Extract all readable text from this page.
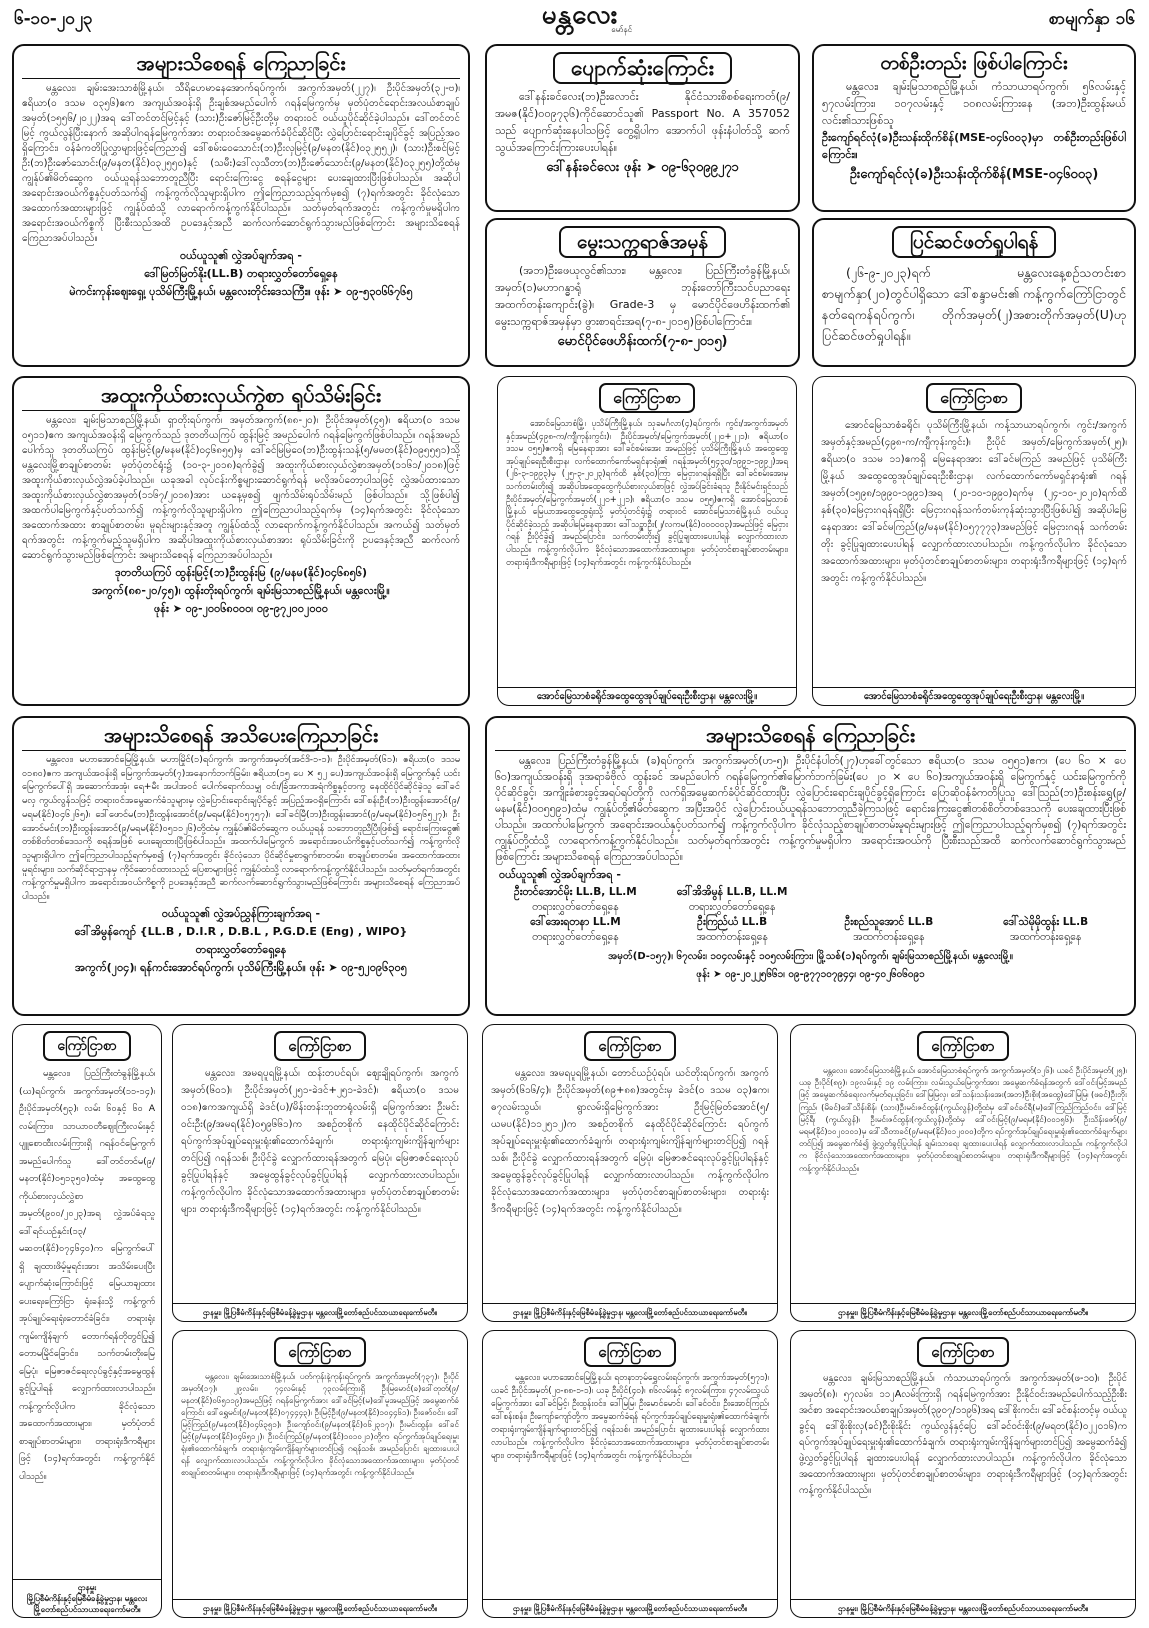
၆-၁၀-၂၀၂၃	မန္တလေး
မော်နင်
စာမျက်နှာ ၁၆
အများသိစေရန် ကြေညာခြင်း
မန္တလေး၊ ချမ်းအေးသာစံမြို့နယ်၊ သီရိဟေမာနေအောက်ရပ်ကွက်၊ အကွက်အမှတ်(၂၂၇)၊ ဦးပိုင်အမှတ်(၃၂-ဗ)၊ ဧရိယာ(၀ ဒသမ ၀၃၅၆)ဧက အကျယ်အဝန်းရှိ ဦးချစ်အမည်ပေါက် ဂရန်မြေကွက်မှ မှတ်ပုံတင်ရောင်းအလယ်စာချုပ်အမှတ်(၁၅၅၆/၂၀၂၂)အရ ဒေါ်တင်တင်မြင့်နှင့် (သား)ဦးဇော်မြင့်ဦးတို့မှ တရားဝင် ဝယ်ယူပိုင်ဆိုင်ခဲ့ပါသည်။ ဒေါ်တင်တင်မြင့် ကွယ်လွန်ပြီးနောက် အဆိုပါဂရန်မြေကွက်အား တရားဝင်အမွေဆက်ခံပိုင်ဆိုင်ပြီး လွှဲပြောင်းရောင်းချပိုင်ခွင့် အပြည့်အဝရှိကြောင်း၊ ဝန်ခံကတိပြုလွှာများဖြင့်ကြေညာ၍ ဒေါ်စမ်းဝေသောင်း(ဘ)ဦးလှမြင့်(၉/မနတ(နိုင်)၀၃၂၅၅၂)၊ (သား)ဦးစင်မြင့်ဦး(ဘ)ဦးဇော်သောင်း(၉/မနတ(နိုင်)၀၃၂၅၅၀)နှင့် (သမီး)ဒေါ်လှသီတာ(ဘ)ဦးဇော်သောင်း(၉/မနတ(နိုင်)၀၃၂၅၅)တို့ထံမှ ကျွန်ုပ်၏မိတ်ဆွေက ဝယ်ယူရန်သဘောတူညီပြီး ရောင်းကြေးငွေ စရန်ငွေများ ပေးချေထားပြီးဖြစ်ပါသည်။ အဆိုပါအရောင်းအဝယ်ကိစ္စနှင့်ပတ်သက်၍ ကန့်ကွက်လိုသူများရှိပါက ဤကြေညာသည့်ရက်မှစ၍ (၇)ရက်အတွင်း ခိုင်လုံသောအထောက်အထားများဖြင့် ကျွန်ုပ်ထံသို့ လာရောက်ကန့်ကွက်နိုင်ပါသည်။ သတ်မှတ်ရက်အတွင်း ကန့်ကွက်မှုမရှိပါက အရောင်းအဝယ်ကိစ္စကို ပြီးစီးသည်အထိ ဥပဒေနှင့်အညီ ဆက်လက်ဆောင်ရွက်သွားမည်ဖြစ်ကြောင်း အများသိစေရန် ကြေညာအပ်ပါသည်။
ဝယ်ယူသူ၏ လွှဲအပ်ချက်အရ -
ဒေါ်မြတ်မြတ်နိုး(LL.B) တရားလွှတ်တော်ရှေ့နေ
မဲကင်းကုန်းဈေးရှေ့၊ ပုသိမ်ကြီးမြို့နယ်၊ မန္တလေးတိုင်းဒေသကြီး။ ဖုန်း ➤ ၀၉-၅၃၀၆၆၇၆၅
ပျောက်ဆုံးကြောင်း
ဒေါ်နန်းခင်လေး(ဘ)ဦးလောင်း နိုင်ငံသားစိစစ်ရေးကတ်(၉/အမဇ(နိုင်)၀၀၉၇၃၆)ကိုင်ဆောင်သူ၏ Passport No. A 357052 သည် ပျောက်ဆုံးနေပါသဖြင့် တွေ့ရှိပါက အောက်ပါ ဖုန်းနံပါတ်သို့ ဆက်သွယ်အကြောင်းကြားပေးပါရန်။
ဒေါ်နန်းခင်လေး ဖုန်း ➤ ၀၉-၆၃၀၉၉၂၇၁
တစ်ဦးတည်း ဖြစ်ပါကြောင်း
မန္တလေး၊ ချမ်းမြသာစည်မြို့နယ်၊ ကံသာယာရပ်ကွက်၊ ၅၆လမ်းနှင့် ၅၇လမ်းကြား၊ ၁၀၇လမ်းနှင့် ၁၀၈လမ်းကြားနေ (အဘ)ဦးထွန်းမယ်လင်း၏သားဖြစ်သူ
ဦးကျော်ရင်လုံ(ခ)ဦးသန်းထိုက်စိန်(MSE-၀၄၆၀၀၃)မှာ တစ်ဦးတည်းဖြစ်ပါကြောင်း။
ဦးကျော်ရင်လုံ(ခ)ဦးသန်းထိုက်စိန်(MSE-၀၄၆၀၀၃)
မွေးသက္ကရာဇ်အမှန်
(အဘ)ဦးဖေယုလွင်၏သား၊ မန္တလေး၊ ပြည်ကြီးတံခွန်မြို့နယ်၊ အမှတ်(၁)မဟာဂန္ဓာရုံ ဘုန်းတော်ကြီးသင်ပညာရေး အထက်တန်းကျောင်း(ခွဲ)၊ Grade-3 မှ မောင်ပိုင်ဖေဟိန်းထက်၏ မွေးသက္ကရာဇ်အမှန်မှာ ဖွားစာရင်းအရ(၇-၈-၂၀၁၅)ဖြစ်ပါကြောင်း။
မောင်ပိုင်ဖေဟိန်းထက်(၇-၈-၂၀၁၅)
ပြင်ဆင်ဖတ်ရှုပါရန်
(၂၆-၉-၂၀၂၃)ရက် မန္တလေးနေ့စဉ်သတင်းစာ စာမျက်နှာ(၂၀)တွင်ပါရှိသော ဒေါ်စန္ဒာမင်း၏ ကန့်ကွက်ကြော်ငြာတွင် နတ်ရေကန်ရပ်ကွက်၊ တိုက်အမှတ်(၂)အစားတိုက်အမှတ်(U)ဟု ပြင်ဆင်ဖတ်ရှုပါရန်။
အထူးကိုယ်စားလှယ်ကွဲစာ ရုပ်သိမ်းခြင်း
မန္တလေး၊ ချမ်းမြသာစည်မြို့နယ်၊ ရှာတိုးရပ်ကွက်၊ အမှတ်အကွက်(၈၈-၂၀)၊ ဦးပိုင်အမှတ်(၄၅)၊ ဧရိယာ(၀ ဒသမ ၀၅၁၁)ဧက အကျယ်အဝန်းရှိ မြေကွက်သည် ဒုတတိယကြပ် ထွန်းမြင့် အမည်ပေါက် ဂရန်မြေကွက်ဖြစ်ပါသည်။ ဂရန်အမည်ပေါက်သူ ဒုတတိယကြပ် ထွန်းမြင့်(၉/မနမ(နိုင်)၀၄၆၈၅၅)မှ ဒေါ်ခင်မြမြဝေ(ဘ)ဦးထွန်းသန့်(၅/မမတ(နိုင်)၀၉၅၅၅၁)သို့ မန္တလေးမြို့စာချုပ်စာတမ်း မှတ်ပုံတင်ရုံး၌ (၁၀-၃-၂၀၁၈)ရက်ခွဲ၍ အထူးကိုယ်စားလှယ်လွှဲစာအမှတ်(၁၁၆၁/၂၀၁၈)ဖြင့် အထူးကိုယ်စားလှယ်လွှဲအပ်ခဲ့ပါသည်။ ယခုအခါ လုပ်ငန်းကိစ္စများဆောင်ရွက်ရန် မလိုအပ်တော့ပါသဖြင့် လွှဲအပ်ထားသော အထူးကိုယ်စားလှယ်လွှဲစာအမှတ်(၁၁၆၇/၂၀၁၈)အား ယနေ့မှစ၍ ဖျက်သိမ်းရုပ်သိမ်းမည် ဖြစ်ပါသည်။ သို့ဖြစ်ပါ၍ အထက်ပါမြေကွက်နှင့်ပတ်သက်၍ ကန့်ကွက်လိုသူများရှိပါက ဤကြေညာပါသည့်ရက်မှ (၁၄)ရက်အတွင်း ခိုင်လုံသောအထောက်အထား စာချုပ်စာတမ်း၊ မူရင်းများနှင့်အတူ ကျွန်ုပ်ထံသို့ လာရောက်ကန့်ကွက်နိုင်ပါသည်။ အကယ်၍ သတ်မှတ်ရက်အတွင်း ကန့်ကွက်မည့်သူမရှိပါက အဆိုပါအထူးကိုယ်စားလှယ်စာအား ရုပ်သိမ်းခြင်းကို ဥပဒေနှင့်အညီ ဆက်လက်ဆောင်ရွက်သွားမည်ဖြစ်ကြောင်း အများသိစေရန် ကြေညာအပ်ပါသည်။
ဒုတတိယကြပ် ထွန်းမြင့်(ဘ)ဦးထွန်းမြ (၉/မနမ(နိုင်)၀၄၆၈၅၆)
အကွက်(၈၈-၂၀/၄၅)၊ ထွန်းတိုးရပ်ကွက်၊ ချမ်းမြသာစည်မြို့နယ်၊ မန္တလေးမြို့။
ဖုန်း ➤ ၀၉-၂၀၀၆၈၀၀၀၊ ၀၉-၉၇၂၀၀၂၀၀၀
ကြော်ငြာစာ
အောင်မြေသာစံမြို့၊ ပုသိမ်ကြီးမြို့နယ်၊ သုခမင်္ဂလာ(၄)ရပ်ကွက်၊ ကွင်း/အကွက်အမှတ်နှင့်အမည်(၄၉၈-က/ကျီကုန်းကွင်း)၊ ဦးပိုင်အမှတ်/မြေကွက်အမှတ်(၂၂၀+၂၂၁)၊ ဧရိယာ(၀ ဒသမ ၀၅၅)ဧကရှိ မြေနေရာအား ဒေါ်ခင်စမ်းအေး အမည်ဖြင့် ပုသိမ်ကြီးမြို့နယ် အထွေထွေအုပ်ချုပ်ရေးဦးစီးဌာန၊ လက်ထောက်ကော်မရှင်နာရုံး၏ ဂရန်အမှတ်(၅၄၃၀/၁၉၉၁-၁၉၉၂)အရ (၂၆-၃-၁၉၉၃)မှ (၂၅-၃-၂၀၂၃)ရက်ထိ နှစ်(၃၀)ကြာ မြေငှားဂရန်ရရှိပြီး ဒေါ်ခင်စမ်းအေးမှ သက်တမ်းတိုး၍ အဆိုပါအထွေထွေကိုယ်စားလှယ်စာဖြင့် လွှဲအပ်ခြင်းခံရသူ ဦးနိုင်မင်းရှင်သည် ဦးပိုင်အမှတ်/မြေကွက်အမှတ်(၂၂၀+၂၂၁)၊ ဧရိယာ(၀ ဒသမ ၀၅၅)ဧကရှိ အောင်မြေသာစံမြို့နယ် မြေယာအထွေထွေရုံးသို့ မှတ်ပုံတင်ရုံး၌ တရားဝင် အောင်မြေသာစံမြို့နယ် ဝယ်ယူပိုင်ဆိုင်ခဲ့သည့် အဆိုပါမြေနေရာအား ဒေါ်သဥ္ဇာဦး(၂/လကမ(နိုင်)၀၀၀၀၀၃)အမည်ဖြင့် မြေငှားဂရန် ဦးပိုင်ခွဲ၍ အမည်ပြောင်း၊ သက်တမ်းတိုး၍ ခွင့်ပြုချထားပေးပါရန် လျှောက်ထားလာပါသည်။ ကန့်ကွက်လိုပါက ခိုင်လုံသောအထောက်အထားများ၊ မှတ်ပုံတင်စာချုပ်စာတမ်းများ၊ တရားရုံးဒီကရီများဖြင့် (၁၄)ရက်အတွင်း ကန့်ကွက်နိုင်ပါသည်။
အောင်မြေသာစံခရိုင်အထွေထွေအုပ်ချုပ်ရေးဦးစီးဌာန၊ မန္တလေးမြို့။
ကြော်ငြာစာ
အောင်မြေသာစံခရိုင်၊ ပုသိမ်ကြီးမြို့နယ်၊ ကန့်သာယာရပ်ကွက်၊ ကွင်း/အကွက်အမှတ်နှင့်အမည်(၄၉၈-က/ကျီကုန်းကွင်း)၊ ဦးပိုင် အမှတ်/မြေကွက်အမှတ်(၂၅)၊ ဧရိယာ(၀ ဒသမ ၁၁)ဧကရှိ မြေနေရာအား ဒေါ်ခင်မကြည် အမည်ဖြင့် ပုသိမ်ကြီးမြို့နယ် အထွေထွေအုပ်ချုပ်ရေးဦးစီးဌာန၊ လက်ထောက်ကော်မရှင်နာရုံး၏ ဂရန်အမှတ်(၁၅၉၈/၁၉၉၀-၁၉၉၁)အရ (၂၀-၁၀-၁၉၉၀)ရက်မှ (၂၄-၁၀-၂၀၂၀)ရက်ထိ နှစ်(၃၀)မြေငှားဂရန်ရရှိပြီး မြေငှားဂရန်သက်တမ်းကုန်ဆုံးသွားပြီးဖြစ်ပါ၍ အဆိုပါမြေနေရာအား ဒေါ်ခင်မကြည်(၉/မနမ(နိုင်)၀၅၇၇၇၃)အမည်ဖြင့် မြေငှားဂရန် သက်တမ်းတိုး ခွင့်ပြုချထားပေးပါရန် လျှောက်ထားလာပါသည်။ ကန့်ကွက်လိုပါက ခိုင်လုံသောအထောက်အထားများ၊ မှတ်ပုံတင်စာချုပ်စာတမ်းများ၊ တရားရုံးဒီကရီများဖြင့် (၁၄)ရက်အတွင်း ကန့်ကွက်နိုင်ပါသည်။
အောင်မြေသာစံခရိုင်အထွေထွေအုပ်ချုပ်ရေးဦးစီးဌာန၊ မန္တလေးမြို့။
အများသိစေရန် အသိပေးကြေညာခြင်း
မန္တလေး၊ မဟာအောင်မြေမြို့နယ်၊ မဟာမြိုင်(၁)ရပ်ကွက်၊ အကွက်အမှတ်(အင်ဒိ-၁-၁)၊ ဦးပိုင်အမှတ်(၆၁)၊ ဧရိယာ(၀ ဒသမ ၀၁၈၀)ဧက အကျယ်အဝန်းရှိ မြေကွက်အမှတ်(၇)အနောက်ဘက်ခြမ်း၊ ဧရိယာ(၁၅ ပေ × ၅၂ ပေ)အကျယ်အဝန်းရှိ မြေကွက်နှင့် ယင်းမြေကွက်ပေါ်ရှိ အဆောက်အအုံ၊ ရေ+မီး အပါအဝင် ပေါက်ရောက်သမျှ ဝင်း/ခြံအကာအရံကိစ္စနှင့်တကွ နေထိုင်ပိုင်ဆိုင်ခဲ့သူ ဒေါ်ခင်မလှ ကွယ်လွန်သဖြင့် တရားဝင်အမွေဆက်ခံသူများမှ လွှဲပြောင်းရောင်းချပိုင်ခွင့် အပြည့်အဝရှိကြောင်း ဒေါ်စန်းဦး(ဘ)ဦးထွန်းအောင်(၉/မရမ(နိုင်)၀၄၆၂၆၅)၊ ဒေါ်ဖောင်မ(ဘ)ဦးထွန်းအောင်(၉/မရမ(နိုင်)၀၅၇၅၇)၊ ဒေါ်ခင်မြီ(ဘ)ဦးထွန်းအောင်(၉/မရမ(နိုင်)၀၅၆၅၂၇)၊ ဦးအောင်မင်း(ဘ)ဦးထွန်းအောင်(၉/မရမ(နိုင်)၀၅၁၁၂၆)တို့ထံမှ ကျွန်ုပ်၏မိတ်ဆွေက ဝယ်ယူရန် သဘောတူညီပြီးဖြစ်၍ ရောင်းကြေးငွေ၏ တစ်စိတ်တစ်ဒေသကို စရန်အဖြစ် ပေးချေထားပြီးဖြစ်ပါသည်။ အထက်ပါမြေကွက် အရောင်းအဝယ်ကိစ္စနှင့်ပတ်သက်၍ ကန့်ကွက်လိုသူများရှိပါက ဤကြေညာပါသည့်ရက်မှစ၍ (၇)ရက်အတွင်း ခိုင်လုံသော ပိုင်ဆိုင်မှုစာရွက်စာတမ်း၊ စာချုပ်စာတမ်း၊ အထောက်အထားမူရင်းများ၊ သက်ဆိုင်ရာဌာနမှ ကိုင်ဆောင်ထားသည့် ပြေစာများဖြင့် ကျွန်ုပ်ထံသို့ လာရောက်ကန့်ကွက်နိုင်ပါသည်။ သတ်မှတ်ရက်အတွင်း ကန့်ကွက်မှုမရှိပါက အရောင်းအဝယ်ကိစ္စကို ဥပဒေနှင့်အညီ ဆက်လက်ဆောင်ရွက်သွားမည်ဖြစ်ကြောင်း အများသိစေရန် ကြေညာအပ်ပါသည်။
ဝယ်ယူသူ၏ လွှဲအပ်ညွှန်ကြားချက်အရ -
ဒေါ်အိမွန်ကျော် {LL.B , D.I.R , D.B.L , P.G.D.E (Eng) , WIPO}
တရားလွှတ်တော်ရှေ့နေ
အကွက်(၂၀၄)၊ ရန်ကင်းအောင်ရပ်ကွက်၊ ပုသိမ်ကြီးမြို့နယ်။ ဖုန်း ➤ ၀၉-၅၂၀၉၆၃၀၅
အများသိစေရန် ကြေညာခြင်း
မန္တလေး၊ ပြည်ကြီးတံခွန်မြို့နယ်၊ (ခ)ရပ်ကွက်၊ အကွက်အမှတ်(ဟ-၅)၊ ဦးပိုင်နံပါတ်(၂၇)ဟုခေါ်တွင်သော ဧရိယာ(၀ ဒသမ ၀၅၅၁)ဧက၊ (ပေ ၆၀ × ပေ ၆၀)အကျယ်အဝန်းရှိ ဒုအရာခံဗိုလ် ထွန်းခင် အမည်ပေါက် ဂရန်မြေကွက်၏မြောက်ဘက်ခြမ်း(ပေ ၂၀ × ပေ ၆၀)အကျယ်အဝန်းရှိ မြေကွက်နှင့် ယင်းမြေကွက်ကိုပိုင်ဆိုင်ခွင့်၊ အကျိုးခံစားခွင့်အရပ်ရပ်တို့ကို လက်ရှိအမွေဆက်ခံပိုင်ဆိုင်ထားပြီး လွှဲပြောင်းရောင်းချပိုင်ခွင့်ရှိကြောင်း ပြောဆိုဝန်ခံကတိပြုသူ ဒေါ်သြည်(ဘ)ဦးစန်းရွှေ(၉/မနမ(နိုင်)၀၀၅၅၉၁)ထံမှ ကျွန်ုပ်တို့၏မိတ်ဆွေက အပြီးအပိုင် လွှဲပြောင်းဝယ်ယူရန်သဘောတူညီခဲ့ကြသဖြင့် ရောင်းကြေးငွေ၏တစ်စိတ်တစ်ဒေသကို ပေးချေထားပြီးဖြစ်ပါသည်။ အထက်ပါမြေကွက် အရောင်းအဝယ်နှင့်ပတ်သက်၍ ကန့်ကွက်လိုပါက ခိုင်လုံသည့်စာချုပ်စာတမ်းမူရင်းများဖြင့် ဤကြေညာပါသည့်ရက်မှစ၍ (၇)ရက်အတွင်း ကျွန်ုပ်တို့ထံသို့ လာရောက်ကန့်ကွက်နိုင်ပါသည်။ သတ်မှတ်ရက်အတွင်း ကန့်ကွက်မှုမရှိပါက အရောင်းအဝယ်ကို ပြီးစီးသည်အထိ ဆက်လက်ဆောင်ရွက်သွားမည်ဖြစ်ကြောင်း အများသိစေရန် ကြေညာအပ်ပါသည်။
ဝယ်ယူသူ၏ လွှဲအပ်ချက်အရ -
ဦးတင်အောင်မိုး LL.B, LL.M
တရားလွှတ်တော်ရှေ့နေ
ဒေါ်အိအိမွန် LL.B, LL.M
တရားလွှတ်တော်ရှေ့နေ
ဒေါ်အေးရတနာ LL.M
တရားလွှတ်တော်ရှေ့နေ
ဦးကြည်ယံ LL.B
အထက်တန်းရှေ့နေ
ဦးစည်သူအောင် LL.B
အထက်တန်းရှေ့နေ
ဒေါ်သဲမိုမိုထွန်း LL.B
အထက်တန်းရှေ့နေ
အမှတ်(D-၁၅၇)၊ ၆၇လမ်း၊ ၁၀၄လမ်းနှင့် ၁၀၅လမ်းကြား၊ မြို့သစ်(၁)ရပ်ကွက်၊ ချမ်းမြသာစည်မြို့နယ်၊ မန္တလေးမြို့။
ဖုန်း ➤ ၀၉-၂၀၂၂၅၆၆၁၊ ၀၉-၉၇၇၁၀၇၉၄၄၊ ၀၉-၄၀၂၆၀၆၀၉၁
ကြော်ငြာစာ
မန္တလေး၊ ပြည်ကြီးတံခွန်မြို့နယ်၊ (ဃ)ရပ်ကွက်၊ အကွက်အမှတ်(၁၁-၁၄)၊ ဦးပိုင်အမှတ်(၅၃)၊ လမ်း ၆၀နှင့် ၆၀ A လမ်းကြား၊ သာယာဝတီဈေးကြီးလမ်းနှင့် ပျူစောထီးလမ်းကြားရှိ ဂရန်ဝင်မြေကွက်အမည်ပေါက်သူ ဒေါ်တင်တင်မ(၉/မနတ(နိုင်)၀၅၁၃၅၀)ထံမှ အထွေထွေကိုယ်စားလှယ်လွှဲစာအမှတ်(၉၀၀/၂၀၂၃)အရ လွှဲအပ်ခံရသူ ဒေါ်ရင်ယဉ်နှင်း(၁၃/မဆတ(နိုင်)၀၇၄၆၄၀)က မြေကွက်ပေါ်ရှိ ချထားဖိမ့်မူရင်းအား အသိမ်းပေးပြီး ပျောက်ဆုံးကြောင်းဖြင့် မြေယာချထားပေးရေးကြော်ငြာ ရုံးခန်းသို့ ကန့်ကွက်အုပ်ချုပ်ရေးရုံးတောင်ခံခြင်း၊ တရားရုံးကျမ်းကျိန်ချက် တောက်ရန်တိုတွင်ပြု၍ တောမမြိုင်ခြောင်း၊ သက်တမ်းတိုးမြေ မြေပုံ၊ မြေဇာဇင်ရေးလုပ်ခွင့်နှင့်အမွေထွန်ခွင့်ပြုပါရန် လျှောက်ထားလာပါသည်။ ကန့်ကွက်လိုပါက ခိုင်လုံသောအထောက်အထားများ၊ မှတ်ပုံတင်စာချုပ်စာတမ်းများ၊ တရားရုံးဒီကရီများဖြင့် (၁၄)ရက်အတွင်း ကန့်ကွက်နိုင်ပါသည်။
ဌာနမှူး
မြို့ပြစီမံကိန်းနှင့်မြေစီမံခန့်ခွဲမှုဌာန၊ မန္တလေးမြို့တော်စည်ပင်သာယာရေးကော်မတီ။
ကြော်ငြာစာ
မန္တလေး၊ အမရပူရမြို့နယ်၊ ထန်းတပင်ရပ်၊ ဈေးချိုရပ်ကွက်၊ အကွက်အမှတ်(၆၀၁)၊ ဦးပိုင်အမှတ်(၂၅၁-ခဲဒင်+၂၅၁-ခဲဒင်)၊ ဧရိယာ(၀ ဒသမ ၀၁၈)ဧကအကျယ်ရှိ ခဲဒင်(ပ)/မိန်းတန်းဘူတာရုံလမ်းရှိ မြေကွက်အား ဦးမင်းဝင်းဦး(၉/အမရ(နိုင်)၀၅၉၆၆၁)က အစဉ်တစိုက် နေထိုင်ပိုင်ဆိုင်ကြောင်း ရပ်ကွက်အုပ်ချုပ်ရေးမှူးရုံး၏ထောက်ခံချက်၊ တရားရုံးကျမ်းကျိန်ချက်များတင်ပြ၍ ဂရန်သစ်၊ ဦးပိုင်ခွဲ လျှောက်ထားရန်အတွက် မြေပုံ၊ မြေဇာဇင်ရေးလုပ်ခွင့်ပြုပါရန်နှင့် အမွေထွန်ခွင့်လုပ်ခွင့်ပြုပါရန် လျှောက်ထားလာပါသည်။ ကန့်ကွက်လိုပါက ခိုင်လုံသောအထောက်အထားများ၊ မှတ်ပုံတင်စာချုပ်စာတမ်းများ၊ တရားရုံးဒီကရီများဖြင့် (၁၄)ရက်အတွင်း ကန့်ကွက်နိုင်ပါသည်။
ဌာနမှူး၊ မြို့ပြစီမံကိန်းနှင့်မြေစီမံခန့်ခွဲမှုဌာန၊ မန္တလေးမြို့တော်စည်ပင်သာယာရေးကော်မတီ။
ကြော်ငြာစာ
မန္တလေး၊ အမရပူရမြို့နယ်၊ တောင်ယဉ်ပုံရပ်၊ ယင်တိုးရပ်ကွက်၊ အကွက်အမှတ်(၆၁၆/၄)၊ ဦးပိုင်အမှတ်(၈၉+၈၈)အတွင်းမှ ခဲဒင်(၀ ဒသမ ၀၃)ဧက၊ ဓ၇လမ်းသွယ်၊ ရွာလမ်းရှိမြေကွက်အား ဦးမြင့်မြတ်အောင်(၅/ယမပ(နိုင်)၁၁၂၅၁၂)က အစဉ်တစိုက် နေထိုင်ပိုင်ဆိုင်ကြောင်း ရပ်ကွက်အုပ်ချုပ်ရေးမှူးရုံး၏ထောက်ခံချက်၊ တရားရုံးကျမ်းကျိန်ချက်များတင်ပြ၍ ဂရန်သစ်၊ ဦးပိုင်ခွဲ လျှောက်ထားရန်အတွက် မြေပုံ၊ မြေဇာဇင်ရေးလုပ်ခွင့်ပြုပါရန်နှင့် အမွေထွန်ခွင့်လုပ်ခွင့်ပြုပါရန် လျှောက်ထားလာပါသည်။ ကန့်ကွက်လိုပါက ခိုင်လုံသောအထောက်အထားများ၊ မှတ်ပုံတင်စာချုပ်စာတမ်းများ၊ တရားရုံးဒီကရီများဖြင့် (၁၄)ရက်အတွင်း ကန့်ကွက်နိုင်ပါသည်။
ဌာနမှူး၊ မြို့ပြစီမံကိန်းနှင့်မြေစီမံခန့်ခွဲမှုဌာန၊ မန္တလေးမြို့တော်စည်ပင်သာယာရေးကော်မတီ။
ကြော်ငြာစာ
မန္တလေး၊ အောင်မြေသာစံမြို့နယ်၊ အောင်မြေသာစံရပ်ကွက်၊ အကွက်အမှတ်(၁၂၆)၊ ယခင် ဦးပိုင်အမှတ်(၂၅)၊ ယခု ဦးပိုင်(၈၉)၊ ၁၉လမ်းနှင့် ၁၉ လမ်းကြား၊ လမ်းသွယ်မြေကွက်အား အမွေဆက်ခံရန်အတွက် ဒေါ်ဝင်းမြင့်အမည်ဖြင့် အမွေဆက်ခံရေးလက်မှတ်ရယူခြင်း၊ ဒေါ်မြမြလှ၊ ဒေါ်သန်းသန်းအေး(အဘ)ဦးစိုး(အထွေ)ဒေါ်မြမြ၊ (ဖခင်)ဦးဘိုးကြည်၊ (မိခင်)ဒေါ်သိန်းစိန်၊ (သား)ဦးမင်းဇင်ထွန်း(ကွယ်လွန်)တို့ထံမှ ဒေါ်ခင်ခင်ရီ(မ)ဒေါ်ကြည်ကြည်ဝင်း၊ ဒေါ်မြင့်မြင့်ရီ၊ (ကွယ်လွန်)၊ ဦးမင်းဇင်ထွန်း(ကွယ်လွန်)တို့ထံမှ ဒေါ်ဝင်းမြင့်(၉/မရမ(နိုင်)၀၀၁၅၆)၊ ဦးသိန်းဇော်(၉/မရမ(နိုင်)၁၀၂၀၁၀၁)မှ ဒေါ်သီတာခင်(၉/မရမ(နိုင်)၀၁၂၀၀၀)တို့က ရပ်ကွက်အုပ်ချုပ်ရေးမှူးရုံး၏ထောက်ခံချက်များတင်ပြ၍ အမွေဆက်ခံ၍ ဖွဲ့လွှတ်ခွင့်ပြုပါရန် ချမ်းသာရေး ချထားပေးပါရန် လျှောက်ထားလာပါသည်။ ကန့်ကွက်လိုပါက ခိုင်လုံသောအထောက်အထားများ၊ မှတ်ပုံတင်စာချုပ်စာတမ်းများ၊ တရားရုံးဒီကရီများဖြင့် (၁၄)ရက်အတွင်း ကန့်ကွက်နိုင်ပါသည်။
ဌာနမှူး၊ မြို့ပြစီမံကိန်းနှင့်မြေစီမံခန့်ခွဲမှုဌာန၊ မန္တလေးမြို့တော်စည်ပင်သာယာရေးကော်မတီ။
ကြော်ငြာစာ
မန္တလေး၊ ချမ်းအေးသာစံမြို့နယ်၊ ပတ်ကုန်းနဲ့ကုန်းရပ်ကွက်၊ အကွက်အမှတ်(၇၃၇)၊ ဦးပိုင်အမှတ်(၁၇)၊ ၂၉လမ်း၊ ၇၄လမ်းနှင့် ၇၃လမ်းကြားရှိ ဦးမြမောင်(ခ)ဒေါ်တုတ်(၉/မနတ(နိုင်)၀၆၅၁၁၉)အမည်ဖြင့် ဂရန်မြေကွက်အား ဒေါ်ခင်မြင့်(မ)ဒေါ်မူအမည်ဖြင့် အမွေဆက်ခံကြောင်း ဒေါ်ရွှေမင်း(၉/မနတ(နိုင်)၀၇၄၄၄၃)၊ ဦးမြင့်ဦး(၉/မနတ(နိုင်)၁၀၄၄၆၁)၊ ဦးဇော်ဝင်း၊ ဒေါ်မြင့်ကြည်(၉/မနတ(နိုင်)၀၄၆၃၅၁)၊ ဦးကျော်ဝင်း(၉/မနတ(နိုင်)၀၆၂၃၁၇)၊ ဦးမင်းထွန်း၊ ဒေါ်ခင်မြင့်(၉/မနတ(နိုင်)၀၄၆၅၁၂)၊ ဦးဝင်းကြည်(၉/မနတ(နိုင်)၁၀၁၀၂၁)တို့က ရပ်ကွက်အုပ်ချုပ်ရေးမှူးရုံး၏ထောက်ခံချက်၊ တရားရုံးကျမ်းကျိန်ချက်များတင်ပြ၍ ဂရန်သစ်၊ အမည်ပြောင်း ချထားပေးပါရန် လျှောက်ထားလာပါသည်။ ကန့်ကွက်လိုပါက ခိုင်လုံသောအထောက်အထားများ၊ မှတ်ပုံတင်စာချုပ်စာတမ်းများ၊ တရားရုံးဒီကရီများဖြင့် (၁၄)ရက်အတွင်း ကန့်ကွက်နိုင်ပါသည်။
ဌာနမှူး၊ မြို့ပြစီမံကိန်းနှင့်မြေစီမံခန့်ခွဲမှုဌာန၊ မန္တလေးမြို့တော်စည်ပင်သာယာရေးကော်မတီ။
ကြော်ငြာစာ
မန္တလေး၊ မဟာအောင်မြေမြို့နယ်၊ ရတနာဘုမ်ရွှေလမ်းရပ်ကွက်၊ အကွက်အမှတ်(၅၇၁)၊ ယခင် ဦးပိုင်အမှတ်(၂၀-၈၈-၁-၁)၊ ယခု ဦးပိုင်(၄၀)၊ ၈၆လမ်းနှင့် ၈၇လမ်းကြား၊ ၄၇လမ်းသွယ်မြေကွက်အား ဒေါ်ခင်မြင့်၊ ဦးထွန်းဝင်း၊ ဒေါ်မြမြ၊ ဦးမောင်မောင်၊ ဒေါ်ခင်ဝင်း၊ ဦးအောင်ကြည်၊ ဒေါ်စန်းစန်း၊ ဦးကျော်ကျော်တို့က အမွေဆက်ခံရန် ရပ်ကွက်အုပ်ချုပ်ရေးမှူးရုံး၏ထောက်ခံချက်၊ တရားရုံးကျမ်းကျိန်ချက်များတင်ပြ၍ ဂရန်သစ်၊ အမည်ပြောင်း ချထားပေးပါရန် လျှောက်ထားလာပါသည်။ ကန့်ကွက်လိုပါက ခိုင်လုံသောအထောက်အထားများ၊ မှတ်ပုံတင်စာချုပ်စာတမ်းများ၊ တရားရုံးဒီကရီများဖြင့် (၁၄)ရက်အတွင်း ကန့်ကွက်နိုင်ပါသည်။
ဌာနမှူး၊ မြို့ပြစီမံကိန်းနှင့်မြေစီမံခန့်ခွဲမှုဌာန၊ မန္တလေးမြို့တော်စည်ပင်သာယာရေးကော်မတီ။
ကြော်ငြာစာ
မန္တလေး၊ ချမ်းမြသာစည်မြို့နယ်၊ ကံသာယာရပ်ကွက်၊ အကွက်အမှတ်(ဖ-၁၀)၊ ဦးပိုင်အမှတ်(၈)၊ ၅၇လမ်း၊ ၁၁၂Aလမ်းကြားရှိ ဂရန်မြေကွက်အား ဦးနိုင်ဝင်းအမည်ပေါက်သည့်ဦးစီးအင်စာ အရောင်းအဝယ်စာချုပ်အမှတ်(၃၉၀၇/၁၁၉၆)အရ ဒေါ်စိုးကင်း၊ ဒေါ်ခင်စန်းတင့်မှ ဝယ်ယူခွင့်ရ ဒေါ်စိုးစိုးလှ(ခင်)ဦးစိုးနိုင်း ကွယ်လွန်နှင့်ပြေ ဒေါ်ခင်ဝင်းစိုး(၉/မရတ(နိုင်)၀၂၂၀၁၆)က ရပ်ကွက်အုပ်ချုပ်ရေးမှူးရုံး၏ထောက်ခံချက်၊ တရားရုံးကျမ်းကျိန်ချက်များတင်ပြ၍ အမွေဆက်ခံ၍ ဖွဲ့လွှတ်ခွင့်ပြုပါရန် ချထားပေးပါရန် လျှောက်ထားလာပါသည်။ ကန့်ကွက်လိုပါက ခိုင်လုံသောအထောက်အထားများ၊ မှတ်ပုံတင်စာချုပ်စာတမ်းများ၊ တရားရုံးဒီကရီများဖြင့် (၁၄)ရက်အတွင်း ကန့်ကွက်နိုင်ပါသည်။
ဌာနမှူး၊ မြို့ပြစီမံကိန်းနှင့်မြေစီမံခန့်ခွဲမှုဌာန၊ မန္တလေးမြို့တော်စည်ပင်သာယာရေးကော်မတီ။
